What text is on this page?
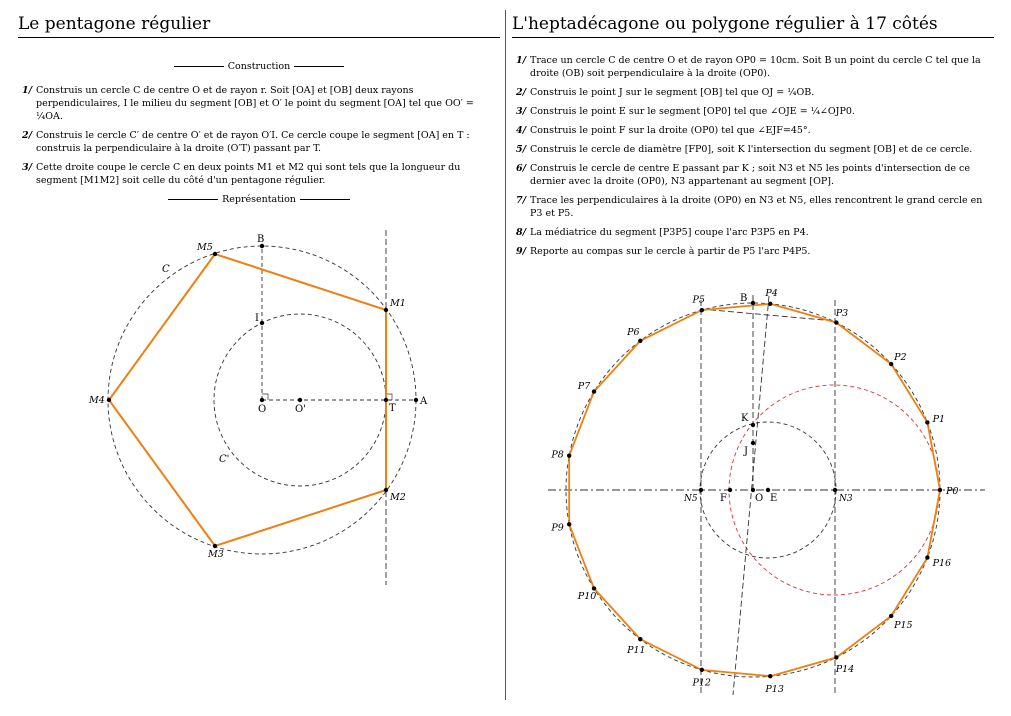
Le pentagone régulier
Construction
1/ Construis un cercle C de centre O et de rayon r. Soit [OA] et [OB] deux rayons perpendiculaires, I le milieu du segment [OB] et O′ le point du segment [OA] tel que OO′ = ¼OA.
2/ Construis le cercle C′ de centre O′ et de rayon O′I. Ce cercle coupe le segment [OA] en T : construis la perpendiculaire à la droite (O′T) passant par T.
3/ Cette droite coupe le cercle C en deux points M1 et M2 qui sont tels que la longueur du segment [M1M2] soit celle du côté d'un pentagone régulier.
Représentation
O	O'	T
A
B
I
C
C'
M1
M2
M3
M4
M5
L'heptadécagone ou polygone régulier à 17 côtés
1/ Trace un cercle C de centre O et de rayon OP0 = 10cm. Soit B un point du cercle C tel que la droite (OB) soit perpendiculaire à la droite (OP0).
2/ Construis le point J sur le segment [OB] tel que OJ = ¼OB.
3/ Construis le point E sur le segment [OP0] tel que ∠OJE = ¼∠OJP0.
4/ Construis le point F sur la droite (OP0) tel que ∠EJF=45°.
5/ Construis le cercle de diamètre [FP0], soit K l'intersection du segment [OB] et de ce cercle.
6/ Construis le cercle de centre E passant par K ; soit N3 et N5 les points d'intersection de ce dernier avec la droite (OP0), N3 appartenant au segment [OP].
7/ Trace les perpendiculaires à la droite (OP0) en N3 et N5, elles rencontrent le grand cercle en P3 et P5.
8/ La médiatrice du segment [P3P5] coupe l'arc P3P5 en P4.
9/ Reporte au compas sur le cercle à partir de P5 l'arc P4P5.
P0
P1
P2
P3
P4
P5
P6
P7
P8
P9
P10
P11
P12
P13
P14
P15
P16
O E
F
J
K
B
N3
N5
